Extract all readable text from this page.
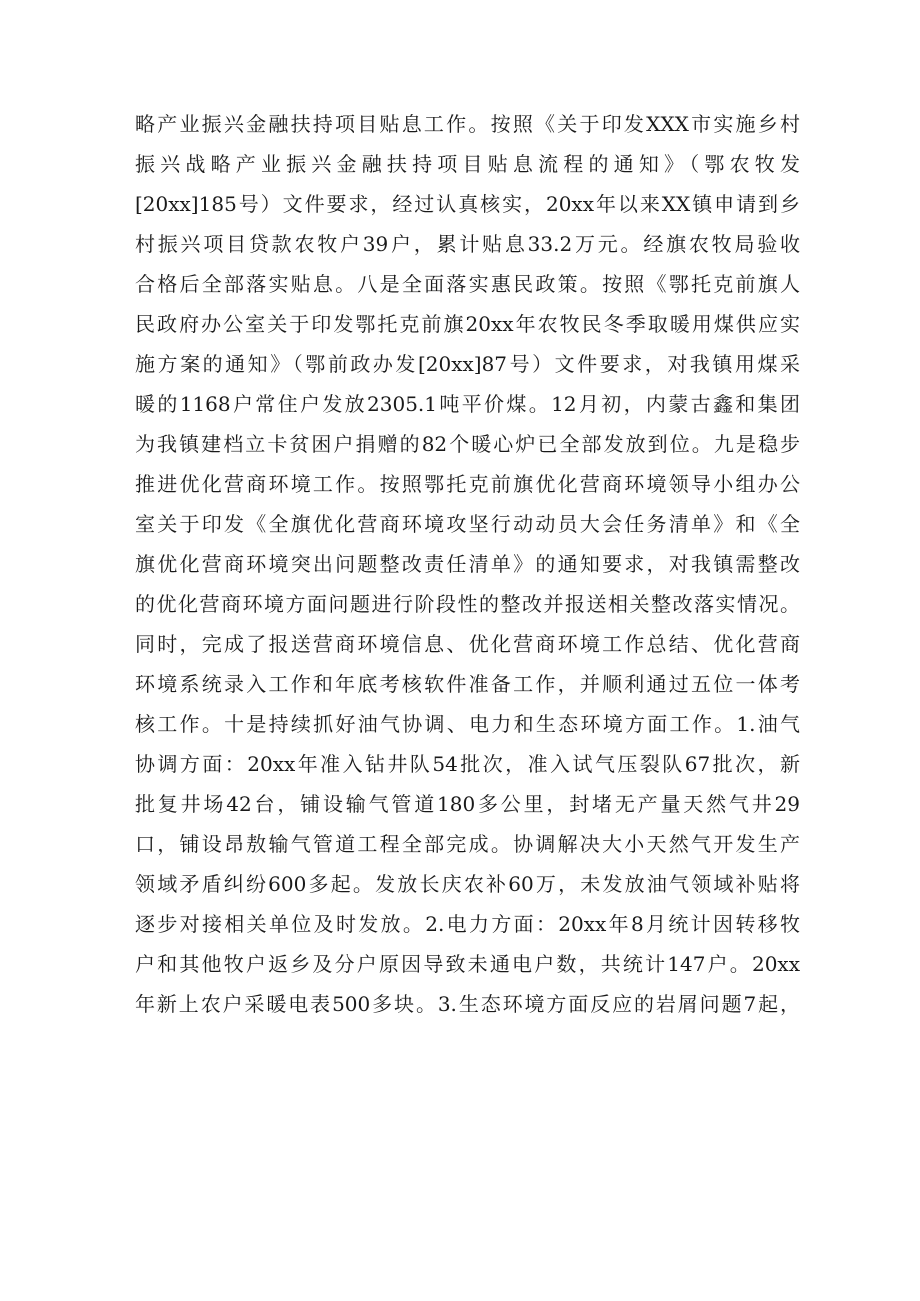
略产业振兴金融扶持项目贴息工作。按照《关于印发XXX市实施乡村
振兴战略产业振兴金融扶持项目贴息流程的通知》（鄂农牧发
[20xx]185号）文件要求，经过认真核实，20xx年以来XX镇申请到乡
村振兴项目贷款农牧户39户，累计贴息33.2万元。经旗农牧局验收
合格后全部落实贴息。八是全面落实惠民政策。按照《鄂托克前旗人
民政府办公室关于印发鄂托克前旗20xx年农牧民冬季取暖用煤供应实
施方案的通知》（鄂前政办发[20xx]87号）文件要求，对我镇用煤采
暖的1168户常住户发放2305.1吨平价煤。12月初，内蒙古鑫和集团
为我镇建档立卡贫困户捐赠的82个暖心炉已全部发放到位。九是稳步
推进优化营商环境工作。按照鄂托克前旗优化营商环境领导小组办公
室关于印发《全旗优化营商环境攻坚行动动员大会任务清单》和《全
旗优化营商环境突出问题整改责任清单》的通知要求，对我镇需整改
的优化营商环境方面问题进行阶段性的整改并报送相关整改落实情况。
同时，完成了报送营商环境信息、优化营商环境工作总结、优化营商
环境系统录入工作和年底考核软件准备工作，并顺利通过五位一体考
核工作。十是持续抓好油气协调、电力和生态环境方面工作。1.油气
协调方面：20xx年准入钻井队54批次，准入试气压裂队67批次，新
批复井场42台，铺设输气管道180多公里，封堵无产量天然气井29
口，铺设昂敖输气管道工程全部完成。协调解决大小天然气开发生产
领域矛盾纠纷600多起。发放长庆农补60万，未发放油气领域补贴将
逐步对接相关单位及时发放。2.电力方面：20xx年8月统计因转移牧
户和其他牧户返乡及分户原因导致未通电户数，共统计147户。20xx
年新上农户采暖电表500多块。3.生态环境方面反应的岩屑问题7起，
